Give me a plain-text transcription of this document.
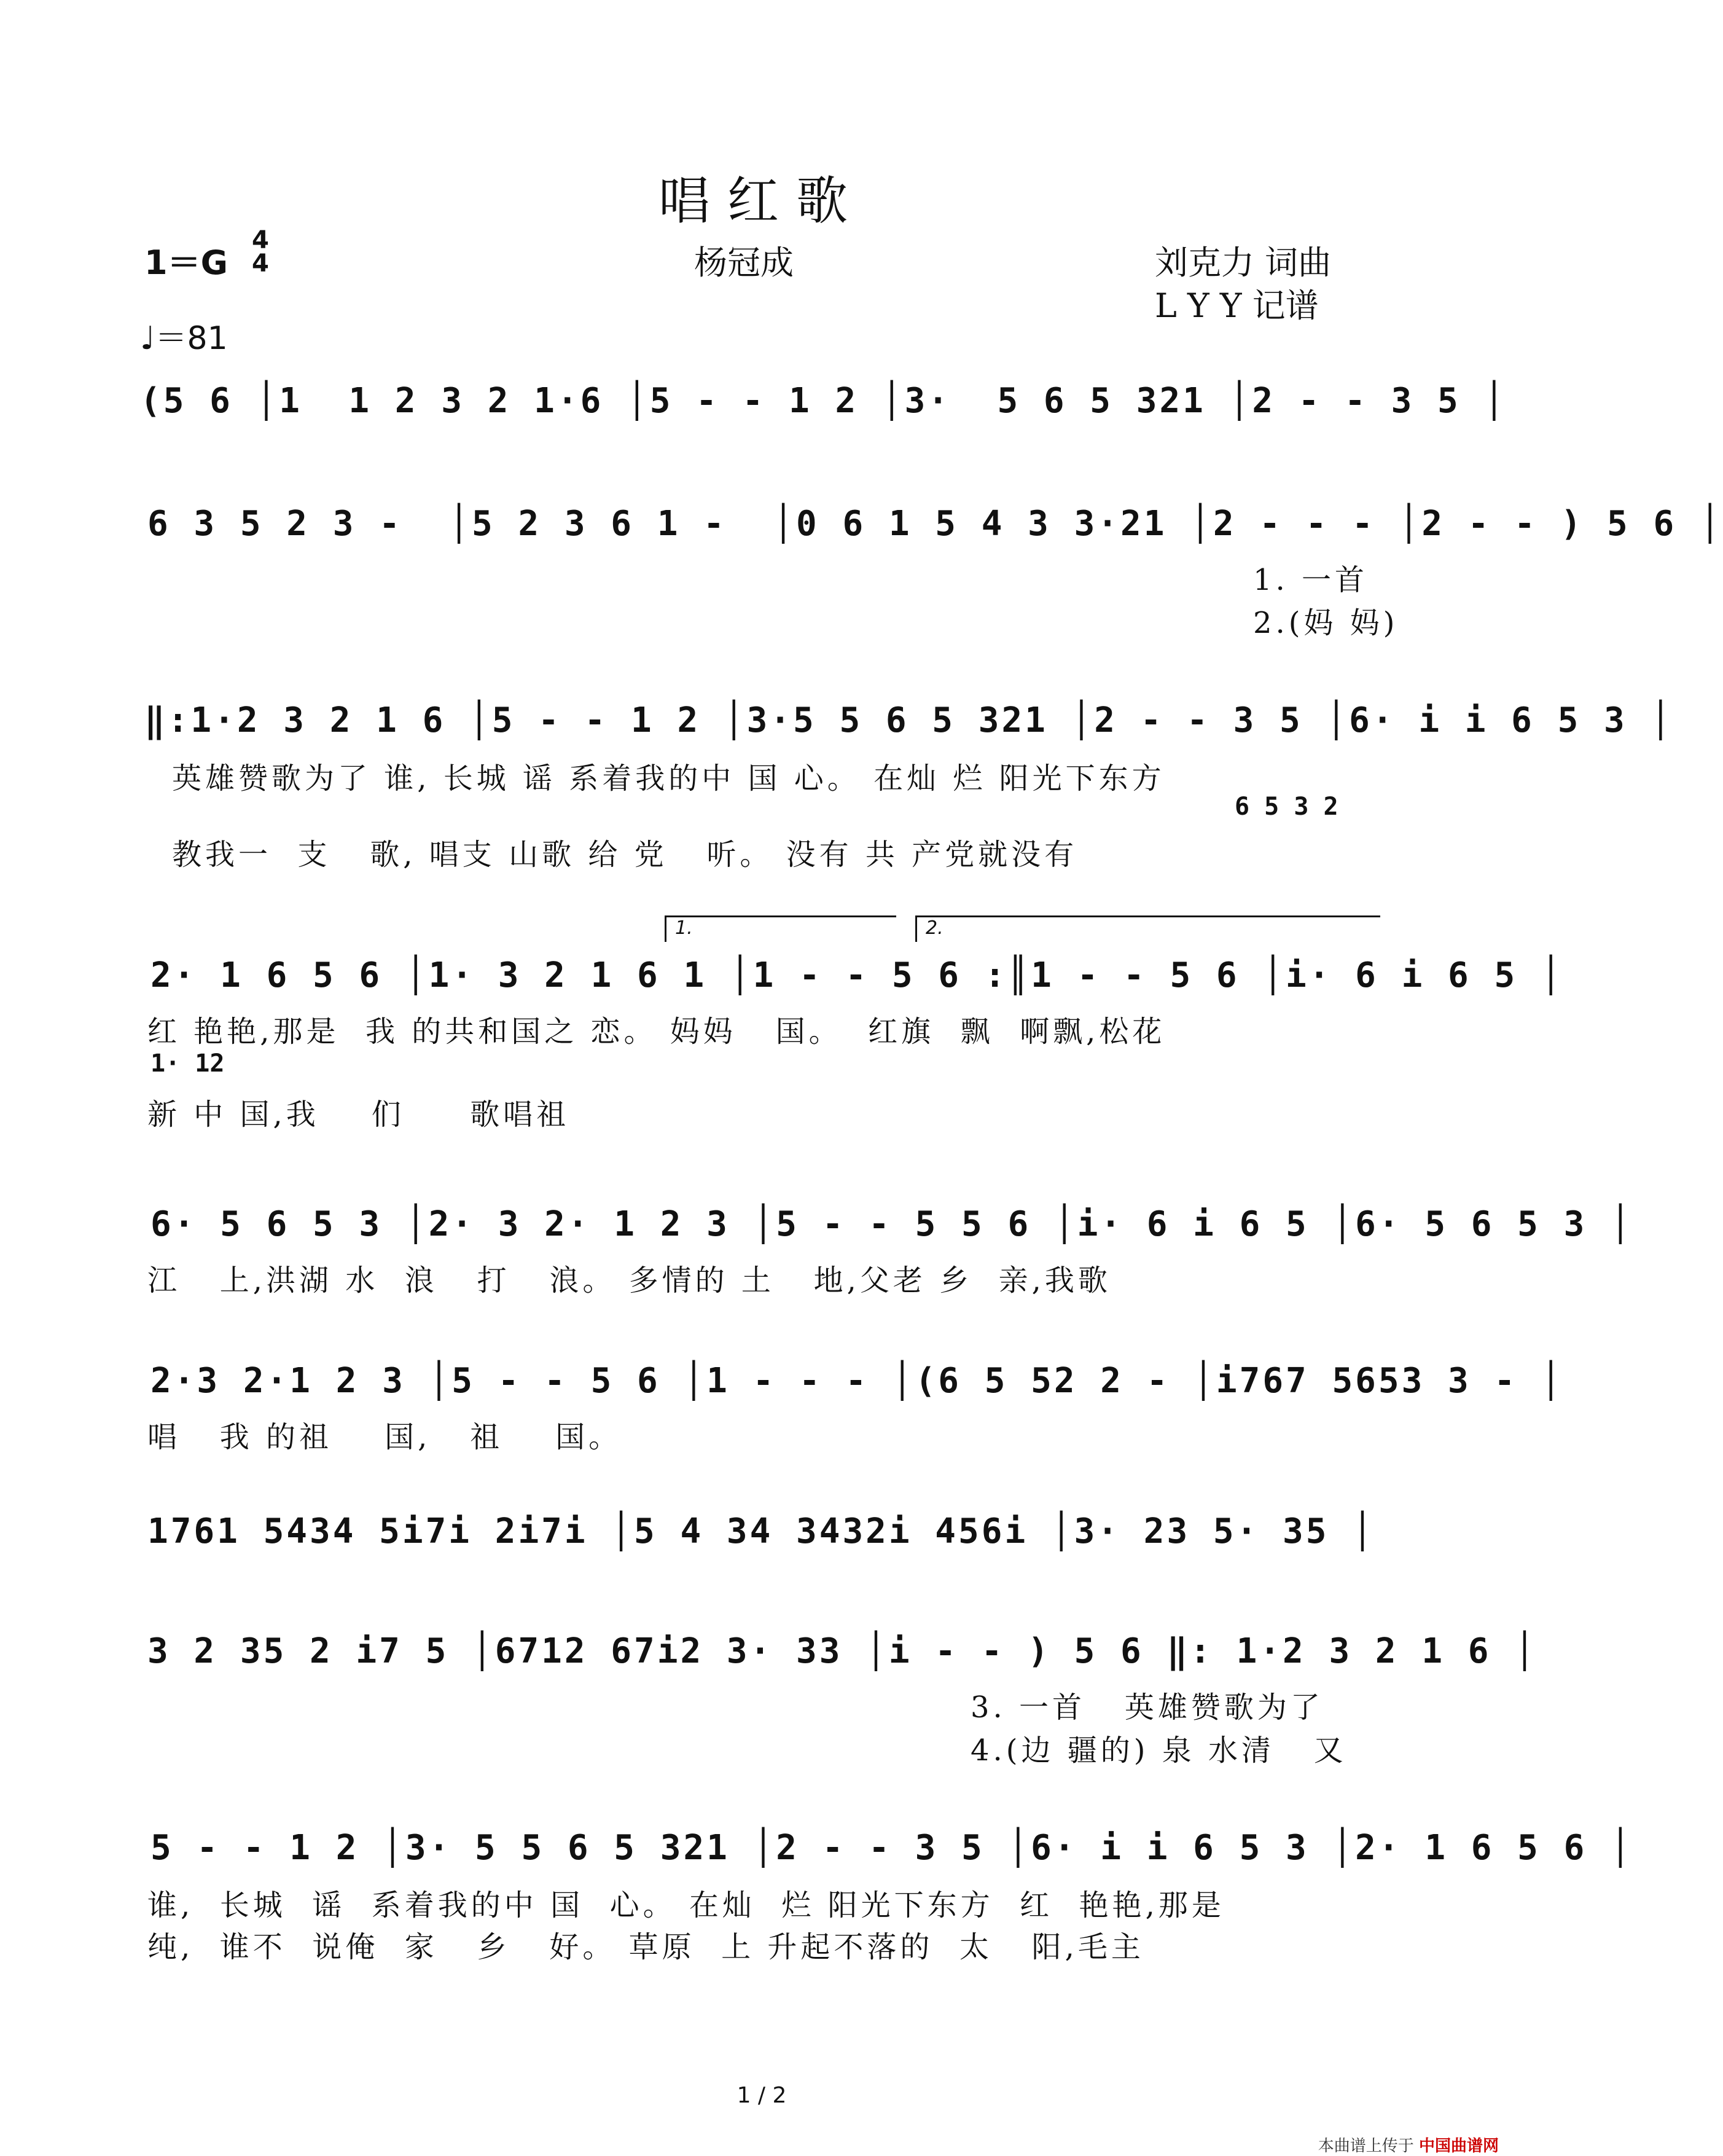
唱红歌
1＝G
4
4	杨冠成	刘克力 词曲
L Y Y 记谱
♩＝81
(5 6 │1  1 2 3 2 1·6 │5 - - 1 2 │3·  5 6 5 321 │2 - - 3 5 │
6 3 5 2 3 -  │5 2 3 6 1 -  │0 6 1 5 4 3 3·21 │2 - - - │2 - - ) 5 6 │
1. 一首
2.(妈 妈)
‖:1·2 3 2 1 6 │5 - - 1 2 │3·5 5 6 5 321 │2 - - 3 5 │6· i i 6 5 3 │
英雄赞歌为了 谁, 长城 谣 系着我的中 国 心。 在灿 烂 阳光下东方
6 5 3 2
教我一  支   歌, 唱支 山歌 给 党   听。 没有 共 产党就没有
1.	2.
2· 1 6 5 6 │1· 3 2 1 6 1 │1 - - 5 6 :║1 - - 5 6 │i· 6 i 6 5 │
红 艳艳,那是  我 的共和国之 恋。 妈妈   国。  红旗  飘  啊飘,松花
1· 12
新 中 国,我    们     歌唱祖
6· 5 6 5 3 │2· 3 2· 1 2 3 │5 - - 5 5 6 │i· 6 i 6 5 │6· 5 6 5 3 │
江   上,洪湖 水  浪   打   浪。 多情的 土   地,父老 乡  亲,我歌
2·3 2·1 2 3 │5 - - 5 6 │1 - - - │(6 5 52 2 - │i767 5653 3 - │
唱   我 的祖    国,   祖    国。
1761 5434 5i7i 2i7i │5 4 34 3432i 456i │3· 23 5· 35 │
3 2 35 2 i7 5 │6712 67i2 3· 33 │i - - ) 5 6 ‖: 1·2 3 2 1 6 │
3. 一首   英雄赞歌为了
4.(边 疆的) 泉 水清   又
5 - - 1 2 │3· 5 5 6 5 321 │2 - - 3 5 │6· i i 6 5 3 │2· 1 6 5 6 │
谁,  长城  谣  系着我的中 国  心。 在灿  烂 阳光下东方  红  艳艳,那是
纯,  谁不  说俺  家   乡   好。 草原  上 升起不落的  太   阳,毛主
1 / 2
本曲谱上传于 中国曲谱网
